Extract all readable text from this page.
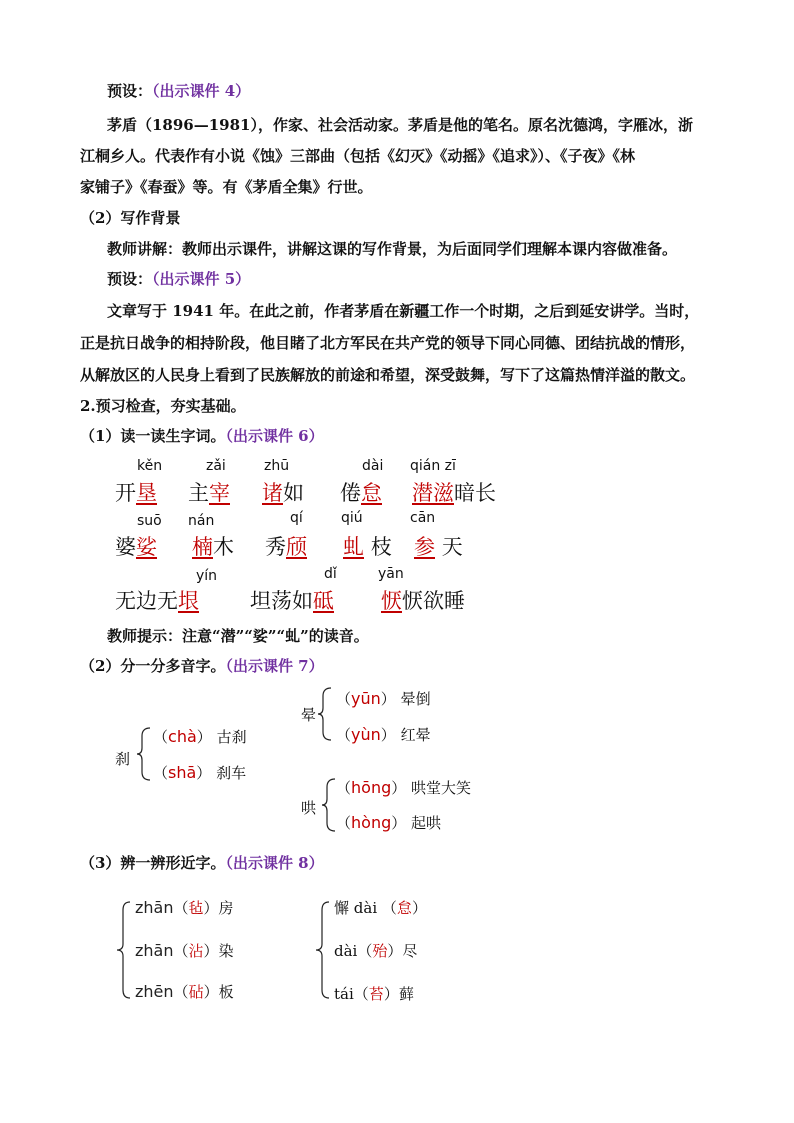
预设：（出示课件 4）
茅盾（1896—1981），作家、社会活动家。茅盾是他的笔名。原名沈德鸿，字雁冰，浙
江桐乡人。代表作有小说《蚀》三部曲（包括《幻灭》《动摇》《追求》）、《子夜》《林
家铺子》《春蚕》等。有《茅盾全集》行世。
（2）写作背景
教师讲解：教师出示课件，讲解这课的写作背景，为后面同学们理解本课内容做准备。
预设：（出示课件 5）
文章写于 1941 年。在此之前，作者茅盾在新疆工作一个时期，之后到延安讲学。当时，
正是抗日战争的相持阶段，他目睹了北方军民在共产党的领导下同心同德、团结抗战的情形，
从解放区的人民身上看到了民族解放的前途和希望，深受鼓舞，写下了这篇热情洋溢的散文。
2.预习检查，夯实基础。
（1）读一读生字词。（出示课件 6）
kěn	zǎi	zhū	dài qián zī
开垦 主宰 诸如 倦怠 潜滋暗长
suō nán	qí	qiú	cān
婆娑 楠木 秀颀 虬 枝 参 天
yín	dǐ	yān
无边无垠 坦荡如砥 恹恹欲睡
教师提示：注意“潜”“娑”“虬”的读音。
（2）分一分多音字。（出示课件 7）
晕
（yūn） 晕倒
（yùn） 红晕
刹
（chà） 古刹
（shā） 刹车
哄
（hōng） 哄堂大笑
（hòng） 起哄
（3）辨一辨形近字。（出示课件 8）
zhān（毡）房
zhān（沾）染
zhēn（砧）板
懈 dài （怠）
dài（殆）尽
tái（苔）藓
